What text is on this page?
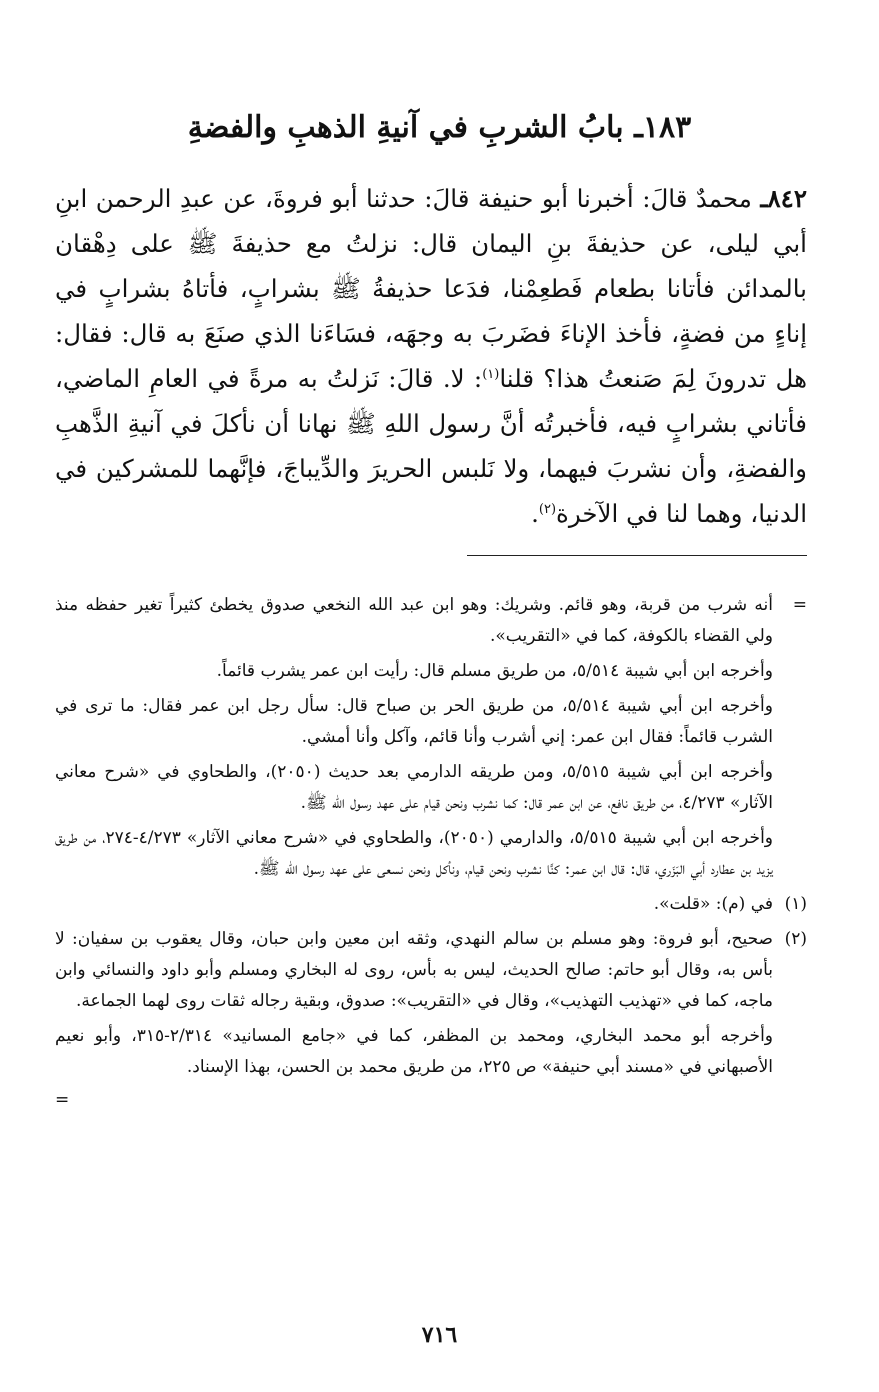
١٨٣ـ بابُ الشربِ في آنيةِ الذهبِ والفضةِ

٨٤٢ـ محمدٌ قالَ: أخبرنا أبو حنيفة قالَ: حدثنا أبو فروةَ، عن عبدِ الرحمن ابنِ أبي ليلى، عن حذيفةَ بنِ اليمان قال: نزلتُ مع حذيفةَ ﷺ على دِهْقان بالمدائن فأتانا بطعام فَطعِمْنا، فدَعا حذيفةُ ﷺ بشرابٍ، فأتاهُ بشرابٍ في إناءٍ من فضةٍ، فأخذ الإناءَ فضَربَ به وجهَه، فسَاءَنا الذي صنَعَ به قال: فقال: هل تدرونَ لِمَ صَنعتُ هذا؟ قلنا$^{(١)}$: لا. قالَ: نَزلتُ به مرةً في العامِ الماضي، فأتاني بشرابٍ فيه، فأخبرتُه أنَّ رسول اللهِ ﷺ نهانا أن نأكلَ في آنيةِ الذَّهبِ والفضةِ، وأن نشربَ فيهما، ولا نَلبس الحريرَ والدِّيباجَ، فإنَّهما للمشركين في الدنيا، وهما لنا في الآخرة$^{(٢)}$.

=

أنه شرب من قربة، وهو قائم. وشريك: وهو ابن عبد الله النخعي صدوق يخطئ كثيراً تغير حفظه منذ ولي القضاء بالكوفة، كما في «التقريب».

وأخرجه ابن أبي شيبة ٥/٥١٤، من طريق مسلم قال: رأيت ابن عمر يشرب قائماً.

وأخرجه ابن أبي شيبة ٥/٥١٤، من طريق الحر بن صباح قال: سأل رجل ابن عمر فقال: ما ترى في الشرب قائماً: فقال ابن عمر: إني أشرب وأنا قائم، وآكل وأنا أمشي.

وأخرجه ابن أبي شيبة ٥/٥١٥، ومن طريقه الدارمي بعد حديث (٢٠٥٠)، والطحاوي في «شرح معاني الآثار» ٤/٢٧٣، من طريق نافع، عن ابن عمر قال: كما نشرب ونحن قيام على عهد رسول الله ﷺ.

وأخرجه ابن أبي شيبة ٥/٥١٥، والدارمي (٢٠٥٠)، والطحاوي في «شرح معاني الآثار» ٤/٢٧٣-٢٧٤، من طريق يزيد بن عطارد أبي البَزَري، قال: قال ابن عمر: كنَّا نشرب ونحن قيام، ونأكل ونحن نسعى على عهد رسول الله ﷺ.

(١)

في (م): «قلت».

(٢)

صحيح، أبو فروة: وهو مسلم بن سالم النهدي، وثقه ابن معين وابن حبان، وقال يعقوب بن سفيان: لا بأس به، وقال أبو حاتم: صالح الحديث، ليس به بأس، روى له البخاري ومسلم وأبو داود والنسائي وابن ماجه، كما في «تهذيب التهذيب»، وقال في «التقريب»: صدوق، وبقية رجاله ثقات روى لهما الجماعة.

وأخرجه أبو محمد البخاري، ومحمد بن المظفر، كما في «جامع المسانيد» ٢/٣١٤-٣١٥، وأبو نعيم الأصبهاني في «مسند أبي حنيفة» ص ٢٢٥، من طريق محمد بن الحسن، بهذا الإسناد.

=

٧١٦
